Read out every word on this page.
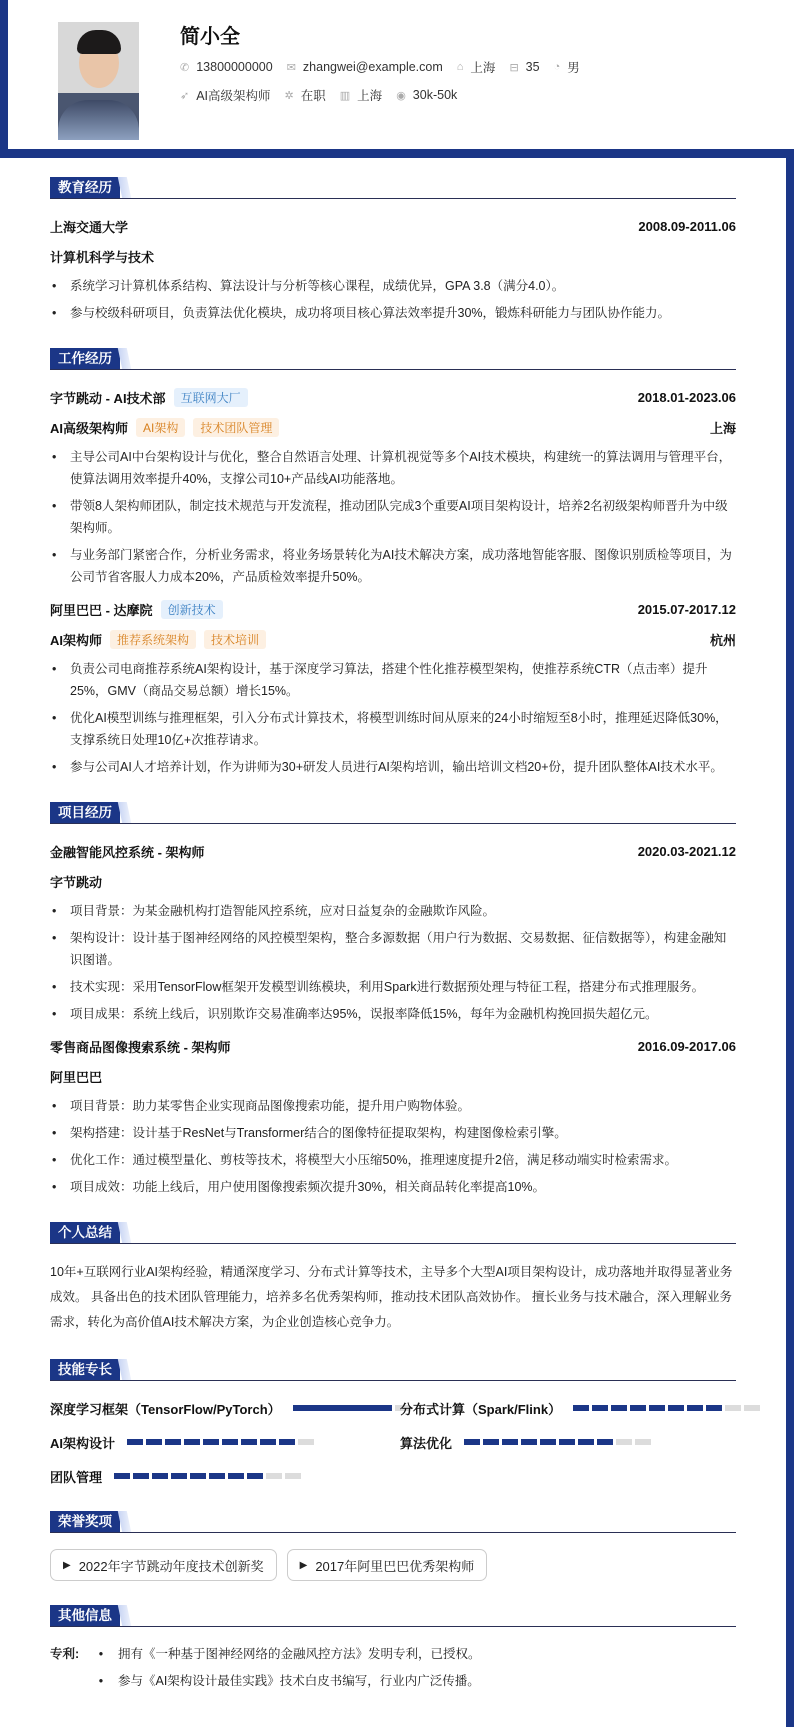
简小全
✆ 13800000000 ✉ zhangwei@example.com ⌂ 上海 ⊟ 35 ◔ 男
➶ AI高级架构师 ✲ 在职 ▥ 上海 ◉ 30k-50k
教育经历
上海交通大学	2008.09-2011.06
计算机科学与技术
• 系统学习计算机体系结构、算法设计与分析等核心课程，成绩优异，GPA 3.8（满分4.0）。
• 参与校级科研项目，负责算法优化模块，成功将项目核心算法效率提升30%，锻炼科研能力与团队协作能力。
工作经历
字节跳动 - AI技术部	互联网大厂	2018.01-2023.06
AI高级架构师	AI架构	技术团队管理	上海
• 主导公司AI中台架构设计与优化，整合自然语言处理、计算机视觉等多个AI技术模块，构建统一的算法调用与管理平台，使算法调用效率提升40%，支撑公司10+产品线AI功能落地。
• 带领8人架构师团队，制定技术规范与开发流程，推动团队完成3个重要AI项目架构设计，培养2名初级架构师晋升为中级架构师。
• 与业务部门紧密合作，分析业务需求，将业务场景转化为AI技术解决方案，成功落地智能客服、图像识别质检等项目，为公司节省客服人力成本20%，产品质检效率提升50%。
阿里巴巴 - 达摩院	创新技术	2015.07-2017.12
AI架构师	推荐系统架构	技术培训	杭州
• 负责公司电商推荐系统AI架构设计，基于深度学习算法，搭建个性化推荐模型架构，使推荐系统CTR（点击率）提升25%，GMV（商品交易总额）增长15%。
• 优化AI模型训练与推理框架，引入分布式计算技术，将模型训练时间从原来的24小时缩短至8小时，推理延迟降低30%，支撑系统日处理10亿+次推荐请求。
• 参与公司AI人才培养计划，作为讲师为30+研发人员进行AI架构培训，输出培训文档20+份，提升团队整体AI技术水平。
项目经历
金融智能风控系统 - 架构师	2020.03-2021.12
字节跳动
• 项目背景：为某金融机构打造智能风控系统，应对日益复杂的金融欺诈风险。
• 架构设计：设计基于图神经网络的风控模型架构，整合多源数据（用户行为数据、交易数据、征信数据等），构建金融知识图谱。
• 技术实现：采用TensorFlow框架开发模型训练模块，利用Spark进行数据预处理与特征工程，搭建分布式推理服务。
• 项目成果：系统上线后，识别欺诈交易准确率达95%，误报率降低15%，每年为金融机构挽回损失超亿元。
零售商品图像搜索系统 - 架构师	2016.09-2017.06
阿里巴巴
• 项目背景：助力某零售企业实现商品图像搜索功能，提升用户购物体验。
• 架构搭建：设计基于ResNet与Transformer结合的图像特征提取架构，构建图像检索引擎。
• 优化工作：通过模型量化、剪枝等技术，将模型大小压缩50%，推理速度提升2倍，满足移动端实时检索需求。
• 项目成效：功能上线后，用户使用图像搜索频次提升30%，相关商品转化率提高10%。
个人总结
10年+互联网行业AI架构经验，精通深度学习、分布式计算等技术，主导多个大型AI项目架构设计，成功落地并取得显著业务成效。 具备出色的技术团队管理能力，培养多名优秀架构师，推动技术团队高效协作。 擅长业务与技术融合，深入理解业务需求，转化为高价值AI技术解决方案，为企业创造核心竞争力。
技能专长
深度学习框架（TensorFlow/PyTorch）	分布式计算（Spark/Flink）
AI架构设计	算法优化
团队管理
荣誉奖项
▶ 2022年字节跳动年度技术创新奖	▶ 2017年阿里巴巴优秀架构师
其他信息
专利:	•	拥有《一种基于图神经网络的金融风控方法》发明专利，已授权。
•	参与《AI架构设计最佳实践》技术白皮书编写，行业内广泛传播。
